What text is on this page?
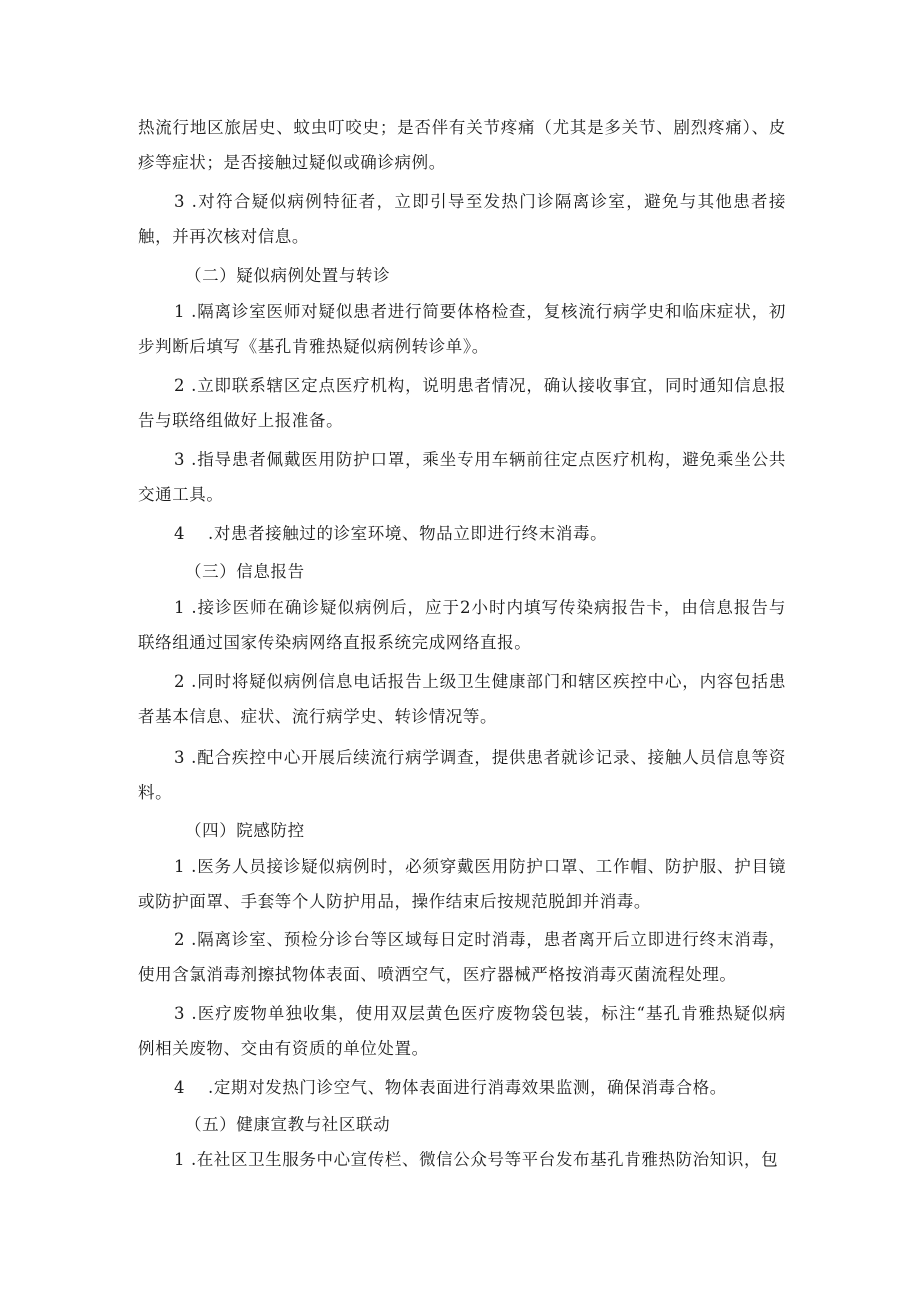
热流行地区旅居史、蚊虫叮咬史；是否伴有关节疼痛（尤其是多关节、剧烈疼痛）、皮疹等症状；是否接触过疑似或确诊病例。
3 .对符合疑似病例特征者，立即引导至发热门诊隔离诊室，避免与其他患者接触，并再次核对信息。
（二）疑似病例处置与转诊
1 .隔离诊室医师对疑似患者进行简要体格检查，复核流行病学史和临床症状，初步判断后填写《基孔肯雅热疑似病例转诊单》。
2 .立即联系辖区定点医疗机构，说明患者情况，确认接收事宜，同时通知信息报告与联络组做好上报准备。
3 .指导患者佩戴医用防护口罩，乘坐专用车辆前往定点医疗机构，避免乘坐公共交通工具。
4　 .对患者接触过的诊室环境、物品立即进行终末消毒。
（三）信息报告
1 .接诊医师在确诊疑似病例后，应于2小时内填写传染病报告卡，由信息报告与联络组通过国家传染病网络直报系统完成网络直报。
2 .同时将疑似病例信息电话报告上级卫生健康部门和辖区疾控中心，内容包括患者基本信息、症状、流行病学史、转诊情况等。
3 .配合疾控中心开展后续流行病学调查，提供患者就诊记录、接触人员信息等资料。
（四）院感防控
1 .医务人员接诊疑似病例时，必须穿戴医用防护口罩、工作帽、防护服、护目镜或防护面罩、手套等个人防护用品，操作结束后按规范脱卸并消毒。
2 .隔离诊室、预检分诊台等区域每日定时消毒，患者离开后立即进行终末消毒，使用含氯消毒剂擦拭物体表面、喷洒空气，医疗器械严格按消毒灭菌流程处理。
3 .医疗废物单独收集，使用双层黄色医疗废物袋包装，标注“基孔肯雅热疑似病例相关废物、交由有资质的单位处置。
4　 .定期对发热门诊空气、物体表面进行消毒效果监测，确保消毒合格。
（五）健康宣教与社区联动
1 .在社区卫生服务中心宣传栏、微信公众号等平台发布基孔肯雅热防治知识，包
